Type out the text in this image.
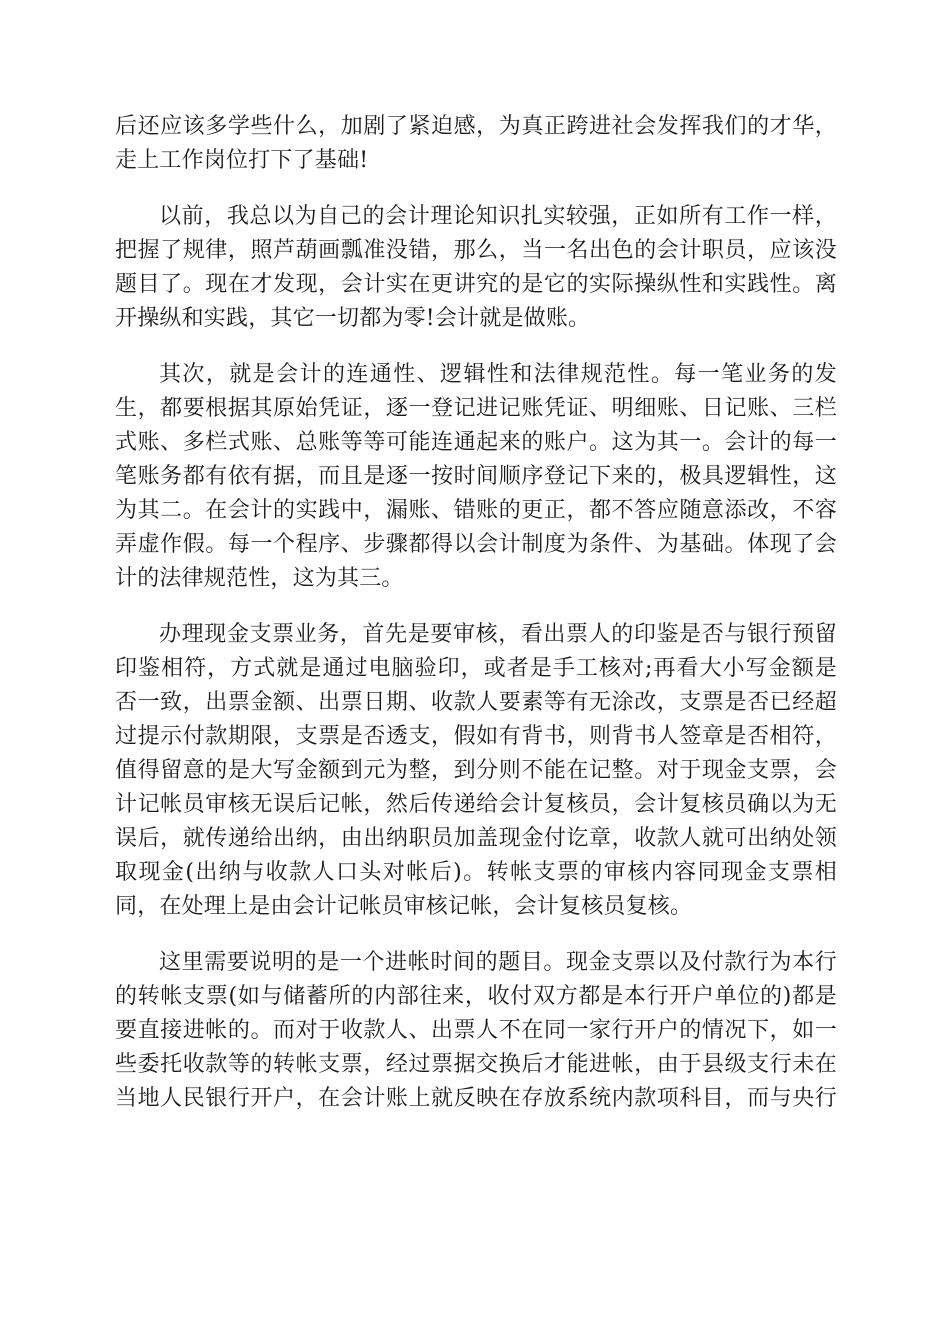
后还应该多学些什么，加剧了紧迫感，为真正跨进社会发挥我们的才华，
走上工作岗位打下了基础!
以前，我总以为自己的会计理论知识扎实较强，正如所有工作一样，
把握了规律，照芦葫画瓢准没错，那么，当一名出色的会计职员，应该没
题目了。现在才发现，会计实在更讲究的是它的实际操纵性和实践性。离
开操纵和实践，其它一切都为零!会计就是做账。
其次，就是会计的连通性、逻辑性和法律规范性。每一笔业务的发
生，都要根据其原始凭证，逐一登记进记账凭证、明细账、日记账、三栏
式账、多栏式账、总账等等可能连通起来的账户。这为其一。会计的每一
笔账务都有依有据，而且是逐一按时间顺序登记下来的，极具逻辑性，这
为其二。在会计的实践中，漏账、错账的更正，都不答应随意添改，不容
弄虚作假。每一个程序、步骤都得以会计制度为条件、为基础。体现了会
计的法律规范性，这为其三。
办理现金支票业务，首先是要审核，看出票人的印鉴是否与银行预留
印鉴相符，方式就是通过电脑验印，或者是手工核对;再看大小写金额是
否一致，出票金额、出票日期、收款人要素等有无涂改，支票是否已经超
过提示付款期限，支票是否透支，假如有背书，则背书人签章是否相符，
值得留意的是大写金额到元为整，到分则不能在记整。对于现金支票，会
计记帐员审核无误后记帐，然后传递给会计复核员，会计复核员确以为无
误后，就传递给出纳，由出纳职员加盖现金付讫章，收款人就可出纳处领
取现金(出纳与收款人口头对帐后)。转帐支票的审核内容同现金支票相
同，在处理上是由会计记帐员审核记帐，会计复核员复核。
这里需要说明的是一个进帐时间的题目。现金支票以及付款行为本行
的转帐支票(如与储蓄所的内部往来，收付双方都是本行开户单位的)都是
要直接进帐的。而对于收款人、出票人不在同一家行开户的情况下，如一
些委托收款等的转帐支票，经过票据交换后才能进帐，由于县级支行未在
当地人民银行开户，在会计账上就反映在存放系统内款项科目，而与央行
